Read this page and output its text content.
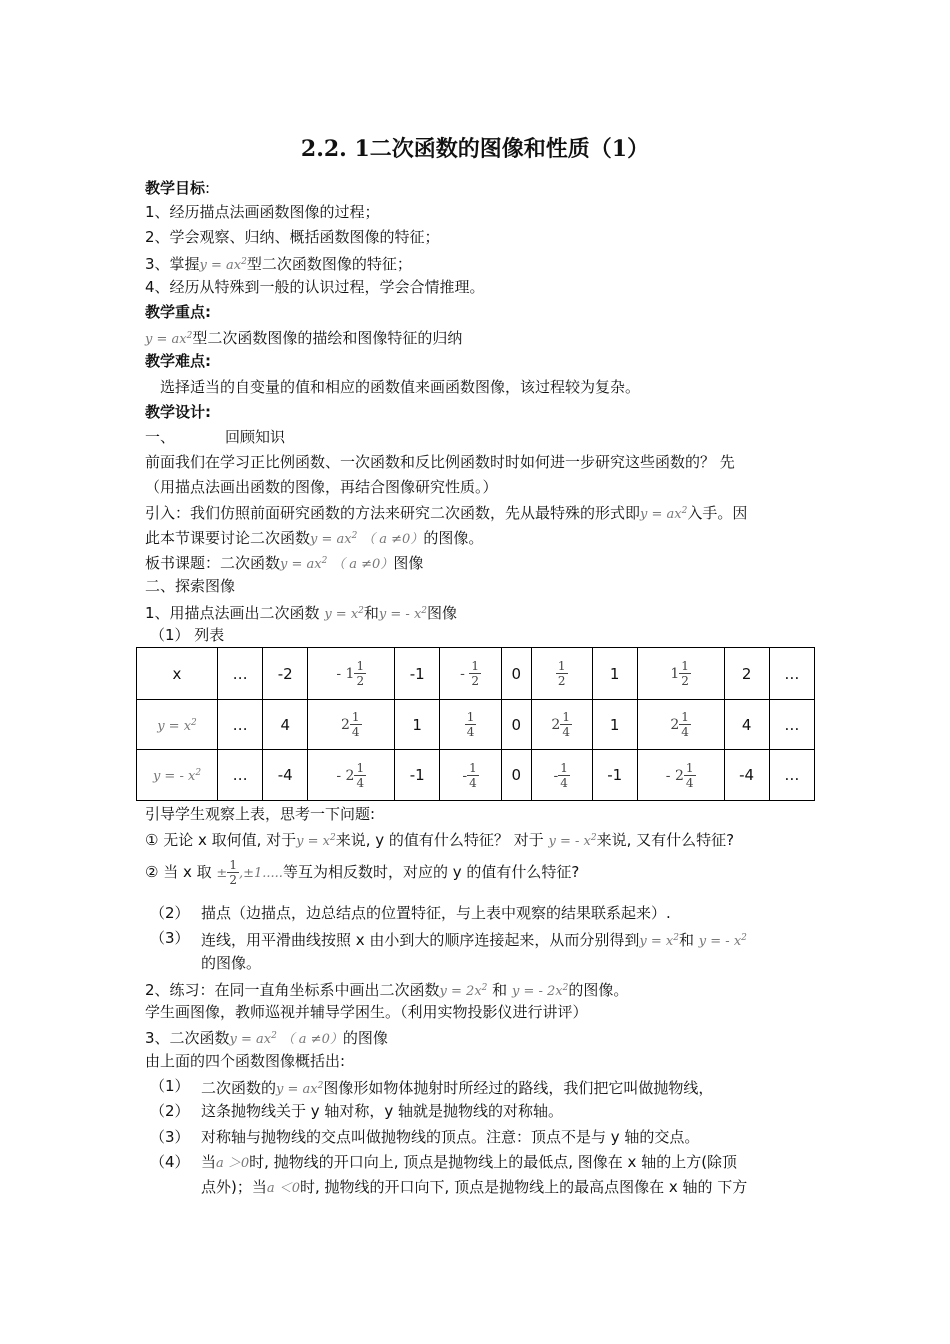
2.2. 1二次函数的图像和性质（1）
教学目标:
1、经历描点法画函数图像的过程；
2、学会观察、归纳、概括函数图像的特征；
3、掌握$y = ax^2$型二次函数图像的特征；
4、经历从特殊到一般的认识过程，学会合情推理。
教学重点:
$y = ax^2$型二次函数图像的描绘和图像特征的归纳
教学难点:
选择适当的自变量的值和相应的函数值来画函数图像，该过程较为复杂。
教学设计:
一、	回顾知识
前面我们在学习正比例函数、一次函数和反比例函数时时如何进一步研究这些函数的？ 先
（用描点法画出函数的图像，再结合图像研究性质。）
引入：我们仿照前面研究函数的方法来研究二次函数，先从最特殊的形式即$y = ax^2$入手。因
此本节课要讨论二次函数$y = ax^2$ （ a ≠0）的图像。
板书课题：二次函数$y = ax^2$ （ a ≠0）图像
二、探索图像
1、用描点法画出二次函数 $y = x^2$和y = - $x^2$图像
（1） 列表
x	…	-2	- $1 \frac{1}{2}$	-1	- $\frac{1}{2}$	0	$\frac{1}{2}$	1	$1 \frac{1}{2}$	2	…
$y = x^2$	…	4	$2 \frac{1}{4}$	1	$\frac{1}{4}$	0	$2 \frac{1}{4}$	1	$2 \frac{1}{4}$	4	…
y = - $x^2$	…	-4	- $2 \frac{1}{4}$	-1	- $\frac{1}{4}$	0	- $\frac{1}{4}$	-1	- $2 \frac{1}{4}$	-4	…
引导学生观察上表，思考一下问题:
① 无论 x 取何值, 对于$y = x^2$来说, y 的值有什么特征？ 对于 y = - $x^2$来说, 又有什么特征?
② 当 x 取 ± $\frac{1}{2} ,\pm 1$.....等互为相反数时，对应的 y 的值有什么特征?
（2） 描点（边描点，边总结点的位置特征，与上表中观察的结果联系起来）.
（3） 连线，用平滑曲线按照 x 由小到大的顺序连接起来，从而分别得到$y = x^2$和 y = - $x^2$
的图像。
2、练习：在同一直角坐标系中画出二次函数$y = 2x^2$ 和 y = - $2x^2$的图像。
学生画图像，教师巡视并辅导学困生。（利用实物投影仪进行讲评）
3、二次函数$y = ax^2$ （ a ≠0）的图像
由上面的四个函数图像概括出:
（1） 二次函数的$y = ax^2$图像形如物体抛射时所经过的路线，我们把它叫做抛物线，
（2） 这条抛物线关于 y 轴对称，y 轴就是抛物线的对称轴。
（3） 对称轴与抛物线的交点叫做抛物线的顶点。注意：顶点不是与 y 轴的交点。
（4） 当a ＞0时, 抛物线的开口向上, 顶点是抛物线上的最低点, 图像在 x 轴的上方(除顶
点外)；当a ＜0时, 抛物线的开口向下, 顶点是抛物线上的最高点图像在 x 轴的 下方
